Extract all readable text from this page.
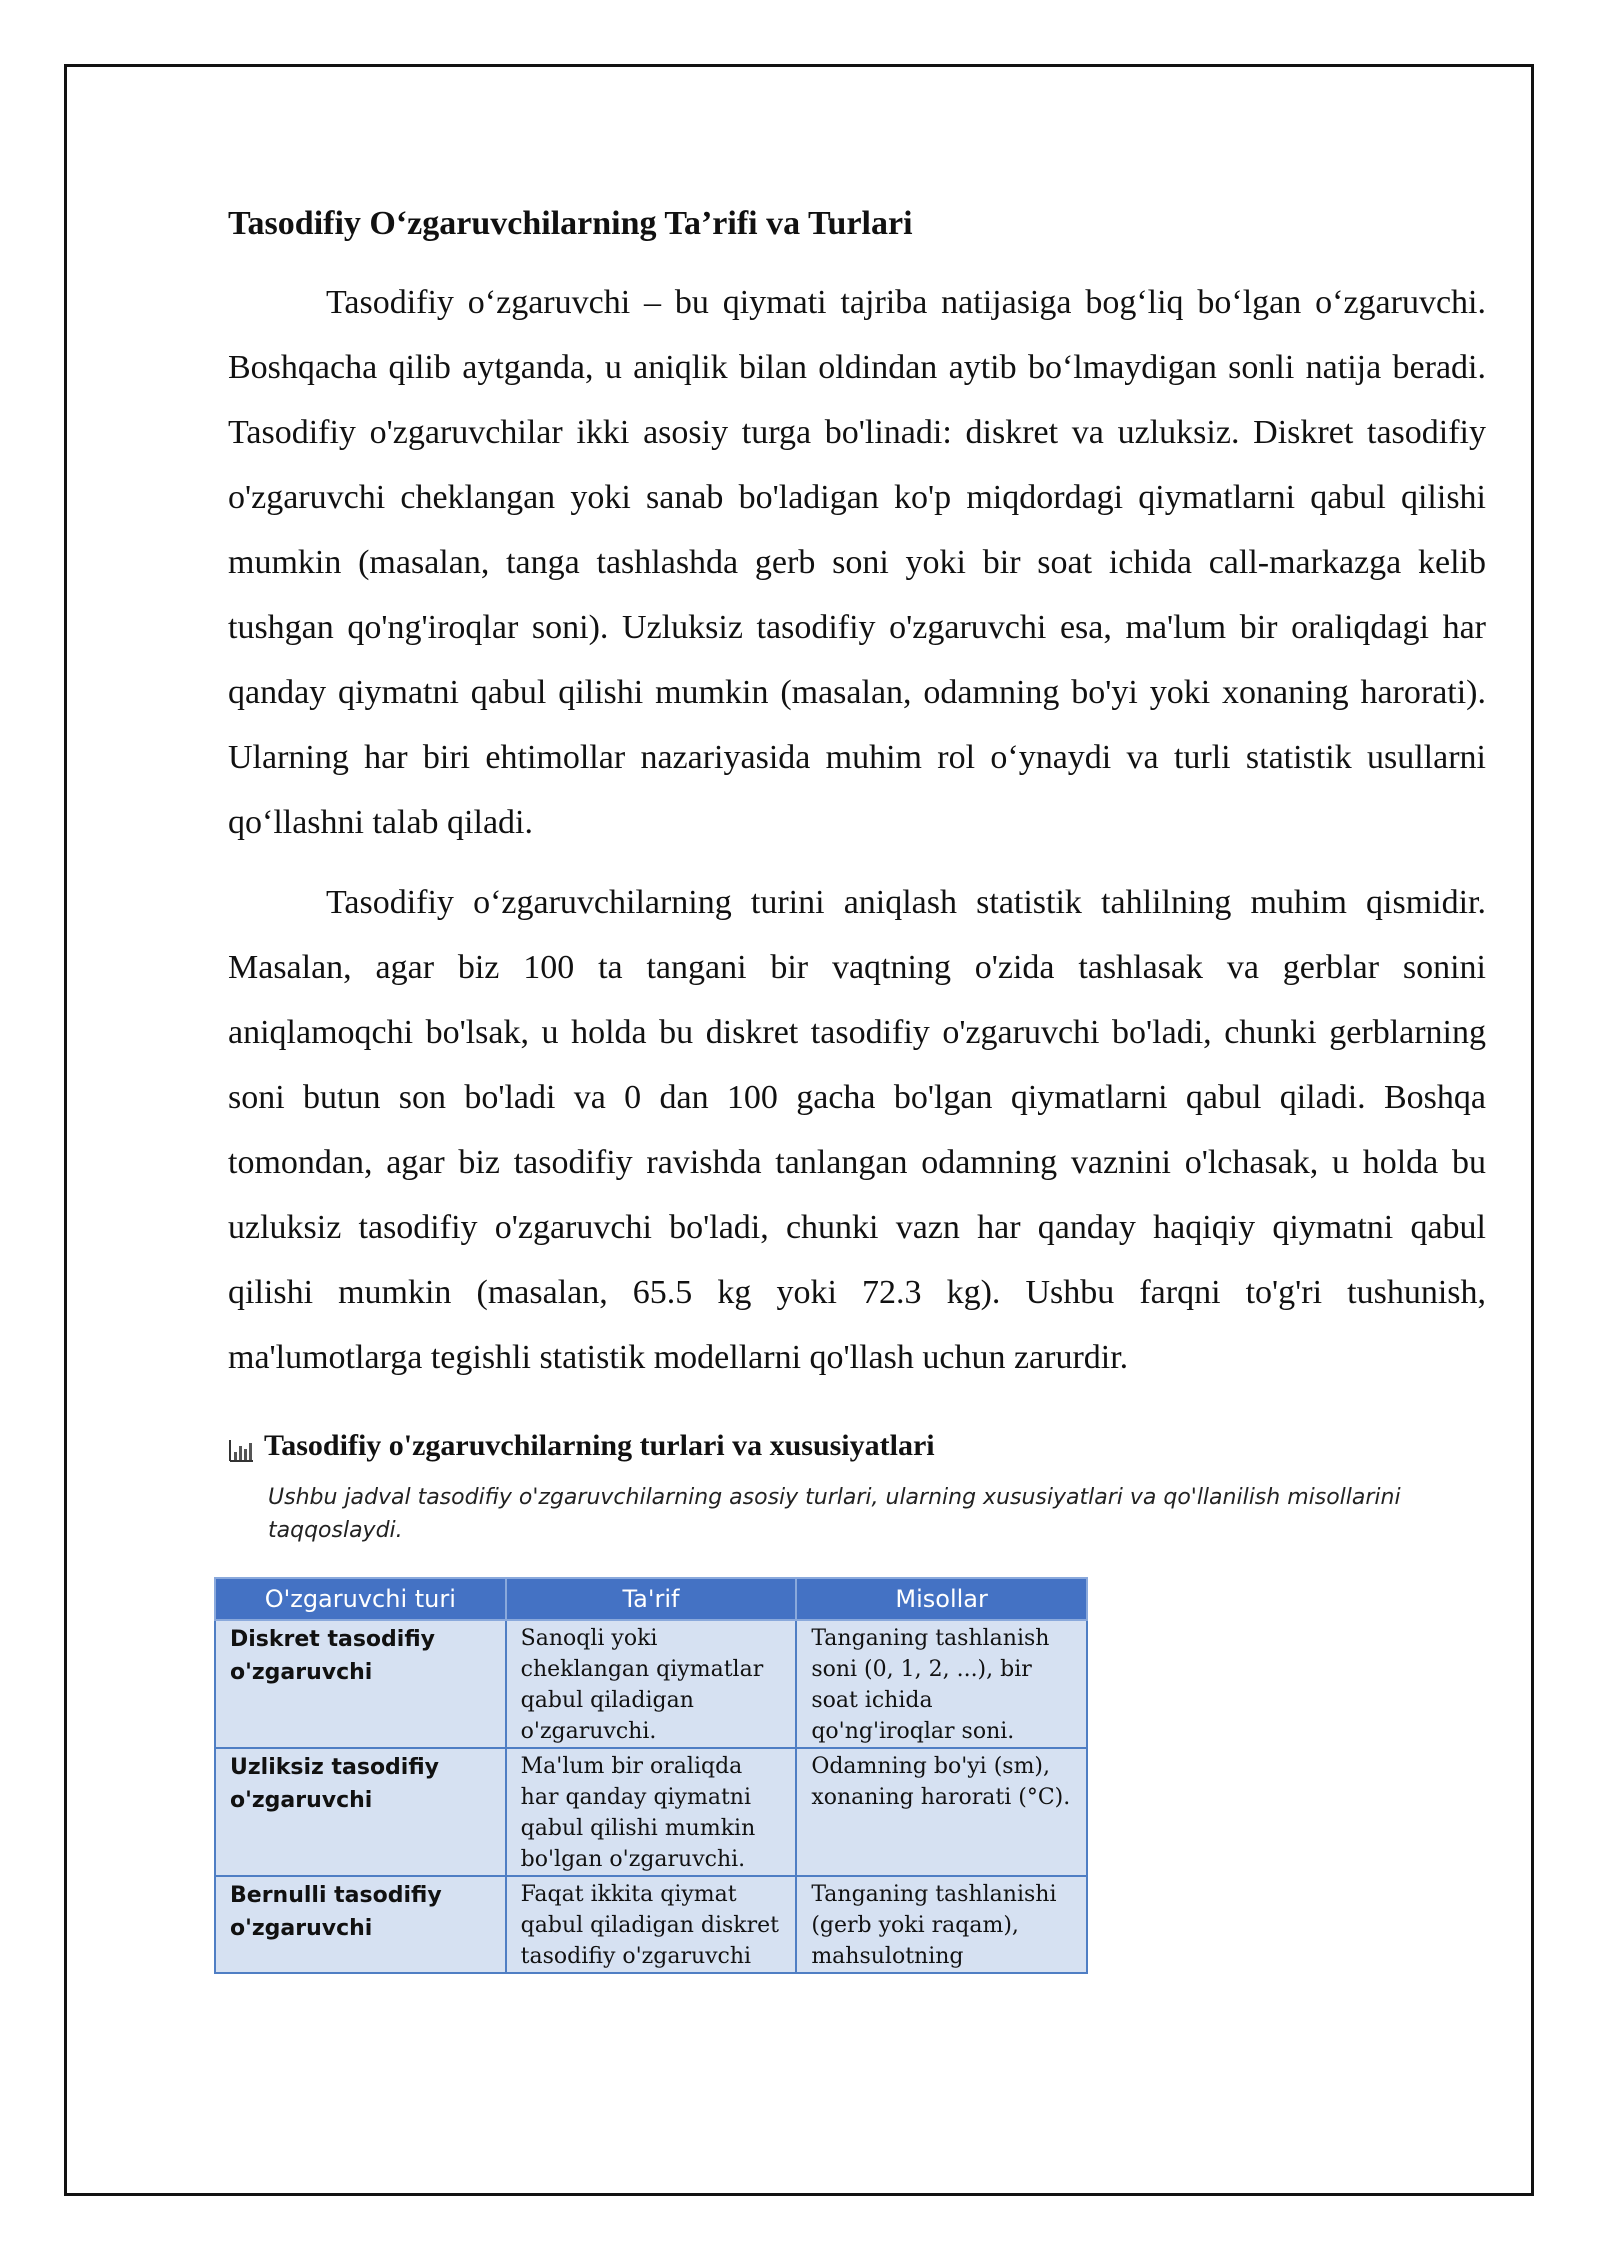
Tasodifiy O‘zgaruvchilarning Ta’rifi va Turlari

Tasodifiy o‘zgaruvchi – bu qiymati tajriba natijasiga bog‘liq bo‘lgan o‘zgaruvchi. Boshqacha qilib aytganda, u aniqlik bilan oldindan aytib bo‘lmaydigan sonli natija beradi. Tasodifiy o'zgaruvchilar ikki asosiy turga bo'linadi: diskret va uzluksiz. Diskret tasodifiy o'zgaruvchi cheklangan yoki sanab bo'ladigan ko'p miqdordagi qiymatlarni qabul qilishi mumkin (masalan, tanga tashlashda gerb soni yoki bir soat ichida call-markazga kelib tushgan qo'ng'iroqlar soni). Uzluksiz tasodifiy o'zgaruvchi esa, ma'lum bir oraliqdagi har qanday qiymatni qabul qilishi mumkin (masalan, odamning bo'yi yoki xonaning harorati). Ularning har biri ehtimollar nazariyasida muhim rol o‘ynaydi va turli statistik usullarni qo‘llashni talab qiladi.

Tasodifiy o‘zgaruvchilarning turini aniqlash statistik tahlilning muhim qismidir. Masalan, agar biz 100 ta tangani bir vaqtning o'zida tashlasak va gerblar sonini aniqlamoqchi bo'lsak, u holda bu diskret tasodifiy o'zgaruvchi bo'ladi, chunki gerblarning soni butun son bo'ladi va 0 dan 100 gacha bo'lgan qiymatlarni qabul qiladi. Boshqa tomondan, agar biz tasodifiy ravishda tanlangan odamning vaznini o'lchasak, u holda bu uzluksiz tasodifiy o'zgaruvchi bo'ladi, chunki vazn har qanday haqiqiy qiymatni qabul qilishi mumkin (masalan, 65.5 kg yoki 72.3 kg). Ushbu farqni to'g'ri tushunish, ma'lumotlarga tegishli statistik modellarni qo'llash uchun zarurdir.

Tasodifiy o'zgaruvchilarning turlari va xususiyatlari
Ushbu jadval tasodifiy o'zgaruvchilarning asosiy turlari, ularning xususiyatlari va qo'llanilish misollarini taqqoslaydi.
O'zgaruvchi turi	Ta'rif	Misollar
Diskret tasodifiy o'zgaruvchi	Sanoqli yoki cheklangan qiymatlar qabul qiladigan o'zgaruvchi.	Tanganing tashlanish soni (0, 1, 2, ...), bir soat ichida qo'ng'iroqlar soni.
Uzliksiz tasodifiy o'zgaruvchi	Ma'lum bir oraliqda har qanday qiymatni qabul qilishi mumkin bo'lgan o'zgaruvchi.	Odamning bo'yi (sm), xonaning harorati (°C).
Bernulli tasodifiy o'zgaruvchi	Faqat ikkita qiymat qabul qiladigan diskret tasodifiy o'zgaruvchi	Tanganing tashlanishi (gerb yoki raqam), mahsulotning
